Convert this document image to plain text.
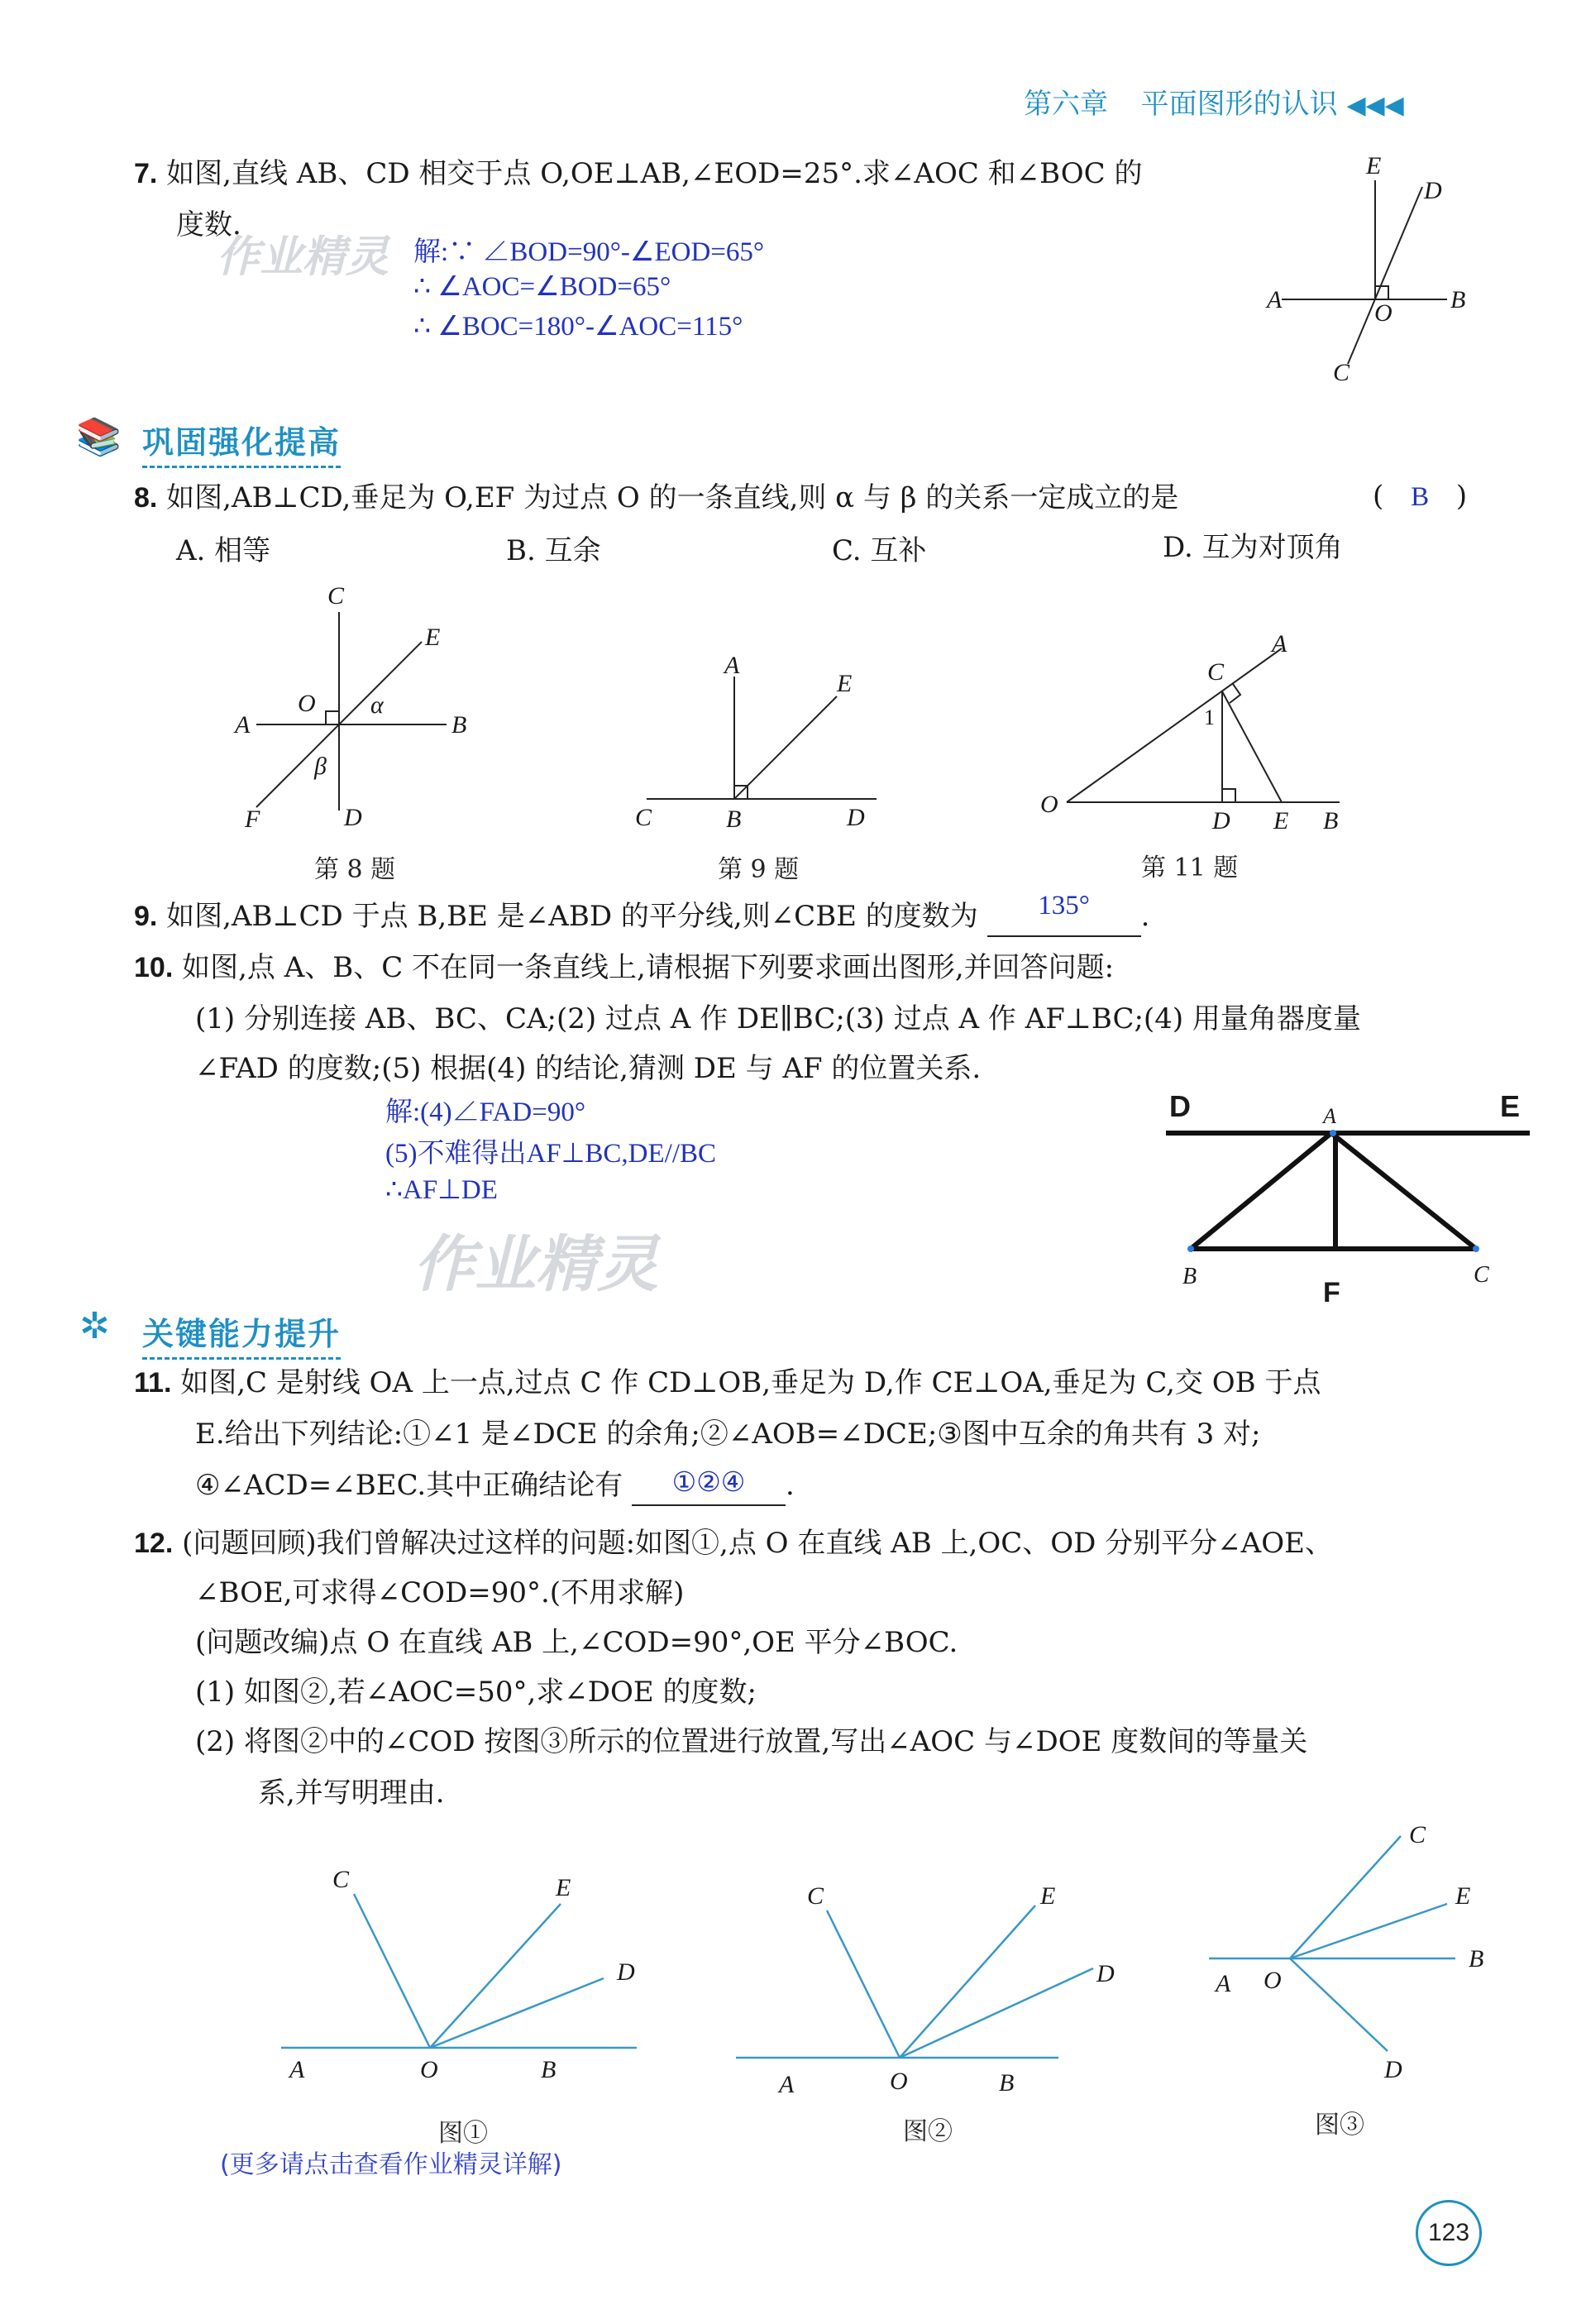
第六章 平面图形的认识 ◀◀◀
7. 如图,直线 AB、CD 相交于点 O,OE⊥AB,∠EOD=25°.求∠AOC 和∠BOC 的
度数.
作业精灵 解:∵ ∠BOD=90°-∠EOD=65°
∴ ∠AOC=∠BOD=65°
∴ ∠BOC=180°-∠AOC=115°
E
D
A	O B
C
📚 巩固强化提高
8. 如图,AB⊥CD,垂足为 O,EF 为过点 O 的一条直线,则 α 与 β 的关系一定成立的是	( B )
A. 相等	B. 互余	C. 互补	D. 互为对顶角
C
E
O α
A	B
β
F	D
第 8 题
A
E
C	B	D
第 9 题
A
C
1
O
D E B
第 11 题
9. 如图,AB⊥CD 于点 B,BE 是∠ABD 的平分线,则∠CBE 的度数为 135° .
10. 如图,点 A、B、C 不在同一条直线上,请根据下列要求画出图形,并回答问题:
(1) 分别连接 AB、BC、CA;(2) 过点 A 作 DE∥BC;(3) 过点 A 作 AF⊥BC;(4) 用量角器度量
∠FAD 的度数;(5) 根据(4) 的结论,猜测 DE 与 AF 的位置关系.
解:(4)∠FAD=90°
(5)不难得出AF⊥BC,DE//BC
∴AF⊥DE
作业精灵
D	A	E
B
F
C
✲ 关键能力提升
11. 如图,C 是射线 OA 上一点,过点 C 作 CD⊥OB,垂足为 D,作 CE⊥OA,垂足为 C,交 OB 于点
E.给出下列结论:①∠1 是∠DCE 的余角;②∠AOB=∠DCE;③图中互余的角共有 3 对;
④∠ACD=∠BEC.其中正确结论有 ①②④ .
12. (问题回顾)我们曾解决过这样的问题:如图①,点 O 在直线 AB 上,OC、OD 分别平分∠AOE、
∠BOE,可求得∠COD=90°.(不用求解)
(问题改编)点 O 在直线 AB 上,∠COD=90°,OE 平分∠BOC.
(1) 如图②,若∠AOC=50°,求∠DOE 的度数;
(2) 将图②中的∠COD 按图③所示的位置进行放置,写出∠AOC 与∠DOE 度数间的等量关
系,并写明理由.
C	E
D
A	O	B
图①
C	E
D
A	O	B
图②
C
E
B
A O
D
图③
(更多请点击查看作业精灵详解)
123
